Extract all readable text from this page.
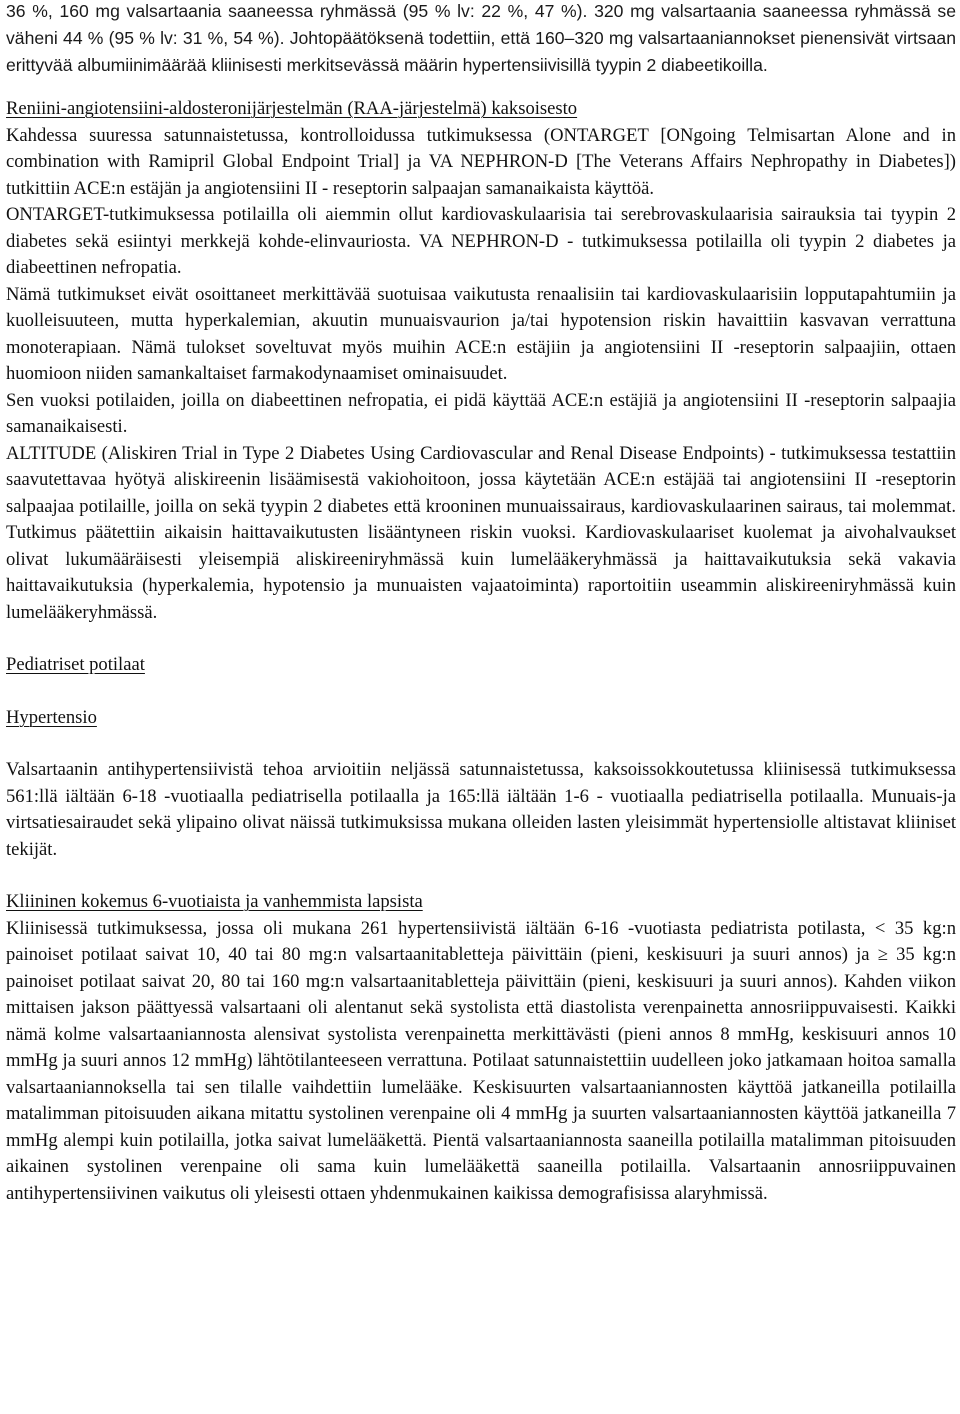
36 %, 160 mg valsartaania saaneessa ryhmässä (95 % lv: 22 %, 47 %). 320 mg valsartaania saaneessa ryhmässä se väheni 44 % (95 % lv: 31 %, 54 %). Johtopäätöksenä todettiin, että 160–320 mg valsartaaniannokset pienensivät virtsaan erittyvää albumiinimäärää kliinisesti merkitsevässä määrin hypertensiivisillä tyypin 2 diabeetikoilla.

Reniini-angiotensiini-aldosteronijärjestelmän (RAA-järjestelmä) kaksoisesto

Kahdessa suuressa satunnaistetussa, kontrolloidussa tutkimuksessa (ONTARGET [ONgoing Telmisartan Alone and in combination with Ramipril Global Endpoint Trial] ja VA NEPHRON-D [The Veterans Affairs Nephropathy in Diabetes]) tutkittiin ACE:n estäjän ja angiotensiini II - reseptorin salpaajan samanaikaista käyttöä.

ONTARGET-tutkimuksessa potilailla oli aiemmin ollut kardiovaskulaarisia tai serebrovaskulaarisia sairauksia tai tyypin 2 diabetes sekä esiintyi merkkejä kohde-elinvauriosta. VA NEPHRON-D - tutkimuksessa potilailla oli tyypin 2 diabetes ja diabeettinen nefropatia.

Nämä tutkimukset eivät osoittaneet merkittävää suotuisaa vaikutusta renaalisiin tai kardiovaskulaarisiin lopputapahtumiin ja kuolleisuuteen, mutta hyperkalemian, akuutin munuaisvaurion ja/tai hypotension riskin havaittiin kasvavan verrattuna monoterapiaan. Nämä tulokset soveltuvat myös muihin ACE:n estäjiin ja angiotensiini II -reseptorin salpaajiin, ottaen huomioon niiden samankaltaiset farmakodynaamiset ominaisuudet.

Sen vuoksi potilaiden, joilla on diabeettinen nefropatia, ei pidä käyttää ACE:n estäjiä ja angiotensiini II -reseptorin salpaajia samanaikaisesti.

ALTITUDE (Aliskiren Trial in Type 2 Diabetes Using Cardiovascular and Renal Disease Endpoints) - tutkimuksessa testattiin saavutettavaa hyötyä aliskireenin lisäämisestä vakiohoitoon, jossa käytetään ACE:n estäjää tai angiotensiini II -reseptorin salpaajaa potilaille, joilla on sekä tyypin 2 diabetes että krooninen munuaissairaus, kardiovaskulaarinen sairaus, tai molemmat. Tutkimus päätettiin aikaisin haittavaikutusten lisääntyneen riskin vuoksi. Kardiovaskulaariset kuolemat ja aivohalvaukset olivat lukumääräisesti yleisempiä aliskireeniryhmässä kuin lumelääkeryhmässä ja haittavaikutuksia sekä vakavia haittavaikutuksia (hyperkalemia, hypotensio ja munuaisten vajaatoiminta) raportoitiin useammin aliskireeniryhmässä kuin lumelääkeryhmässä.

Pediatriset potilaat

Hypertensio

Valsartaanin antihypertensiivistä tehoa arvioitiin neljässä satunnaistetussa, kaksoissokkoutetussa kliinisessä tutkimuksessa 561:llä iältään 6-18 -vuotiaalla pediatrisella potilaalla ja 165:llä iältään 1-6 - vuotiaalla pediatrisella potilaalla. Munuais-ja virtsatiesairaudet sekä ylipaino olivat näissä tutkimuksissa mukana olleiden lasten yleisimmät hypertensiolle altistavat kliiniset tekijät.

Kliininen kokemus 6-vuotiaista ja vanhemmista lapsista

Kliinisessä tutkimuksessa, jossa oli mukana 261 hypertensiivistä iältään 6-16 -vuotiasta pediatrista potilasta, < 35 kg:n painoiset potilaat saivat 10, 40 tai 80 mg:n valsartaanitabletteja päivittäin (pieni, keskisuuri ja suuri annos) ja ≥ 35 kg:n painoiset potilaat saivat 20, 80 tai 160 mg:n valsartaanitabletteja päivittäin (pieni, keskisuuri ja suuri annos). Kahden viikon mittaisen jakson päättyessä valsartaani oli alentanut sekä systolista että diastolista verenpainetta annosriippuvaisesti. Kaikki nämä kolme valsartaaniannosta alensivat systolista verenpainetta merkittävästi (pieni annos 8 mmHg, keskisuuri annos 10 mmHg ja suuri annos 12 mmHg) lähtötilanteeseen verrattuna. Potilaat satunnaistettiin uudelleen joko jatkamaan hoitoa samalla valsartaaniannoksella tai sen tilalle vaihdettiin lumelääke. Keskisuurten valsartaaniannosten käyttöä jatkaneilla potilailla matalimman pitoisuuden aikana mitattu systolinen verenpaine oli 4 mmHg ja suurten valsartaaniannosten käyttöä jatkaneilla 7 mmHg alempi kuin potilailla, jotka saivat lumelääkettä. Pientä valsartaaniannosta saaneilla potilailla matalimman pitoisuuden aikainen systolinen verenpaine oli sama kuin lumelääkettä saaneilla potilailla. Valsartaanin annosriippuvainen antihypertensiivinen vaikutus oli yleisesti ottaen yhdenmukainen kaikissa demografisissa alaryhmissä.
